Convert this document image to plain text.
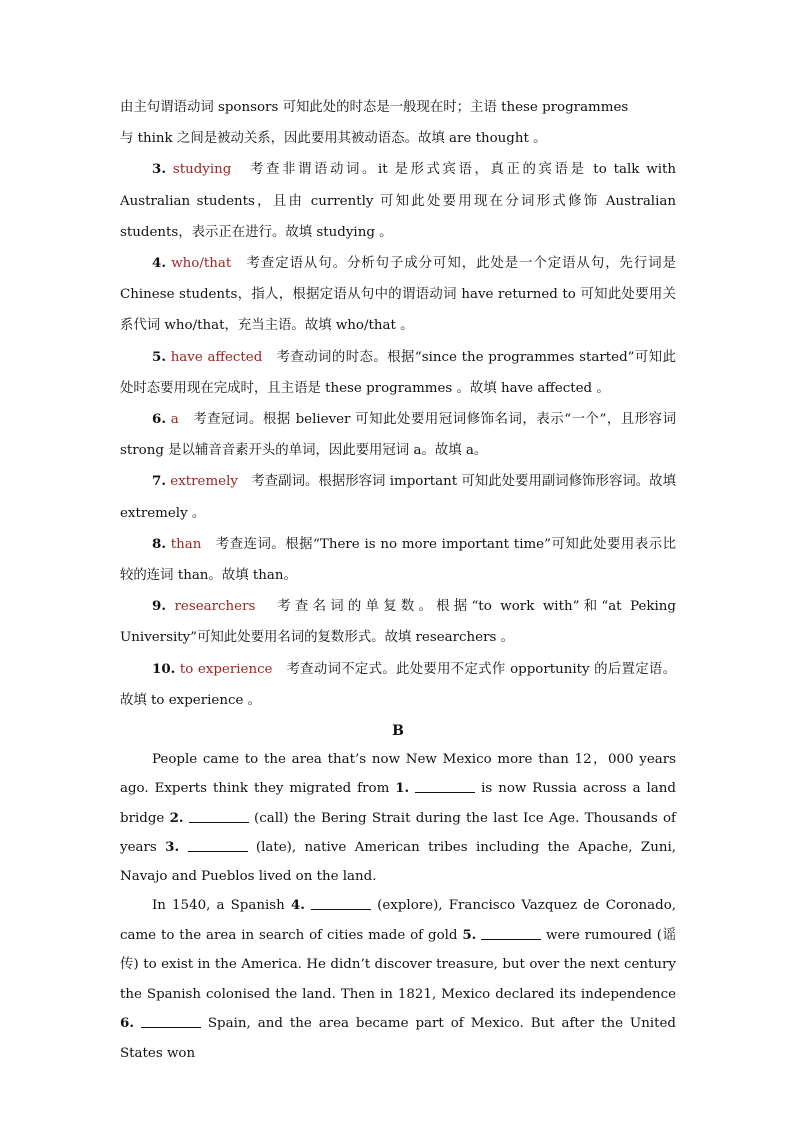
由主句谓语动词 sponsors 可知此处的时态是一般现在时；主语 these programmes
与 think 之间是被动关系，因此要用其被动语态。故填 are thought 。

3. studying　考查非谓语动词。it 是形式宾语，真正的宾语是 to talk with Australian students，且由 currently 可知此处要用现在分词形式修饰 Australian students，表示正在进行。故填 studying 。

4. who/that　考查定语从句。分析句子成分可知，此处是一个定语从句，先行词是 Chinese students，指人，根据定语从句中的谓语动词 have returned to 可知此处要用关系代词 who/that，充当主语。故填 who/that 。

5. have affected　考查动词的时态。根据“since the programmes started”可知此处时态要用现在完成时，且主语是 these programmes 。故填 have affected 。

6. a　考查冠词。根据 believer 可知此处要用冠词修饰名词，表示“一个”，且形容词 strong 是以辅音音素开头的单词，因此要用冠词 a。故填 a。

7. extremely　考查副词。根据形容词 important 可知此处要用副词修饰形容词。故填 extremely 。

8. than　考查连词。根据“There is no more important time”可知此处要用表示比较的连词 than。故填 than。

9. researchers　考查名词的单复数。根据“to work with”和“at Peking University”可知此处要用名词的复数形式。故填 researchers 。

10. to experience　考查动词不定式。此处要用不定式作 opportunity 的后置定语。故填 to experience 。

B

People came to the area that’s now New Mexico more than 12，000 years ago. Experts think they migrated from 1.	is now Russia across a land bridge 2.	(call) the Bering Strait during the last Ice Age. Thousands of years 3.	(late), native American tribes including the Apache, Zuni, Navajo and Pueblos lived on the land.

In 1540, a Spanish 4.	(explore), Francisco Vazquez de Coronado, came to the area in search of cities made of gold 5.	were rumoured (谣传) to exist in the America. He didn’t discover treasure, but over the next century the Spanish colonised the land. Then in 1821, Mexico declared its independence 6.	Spain, and the area became part of Mexico. But after the United States won
